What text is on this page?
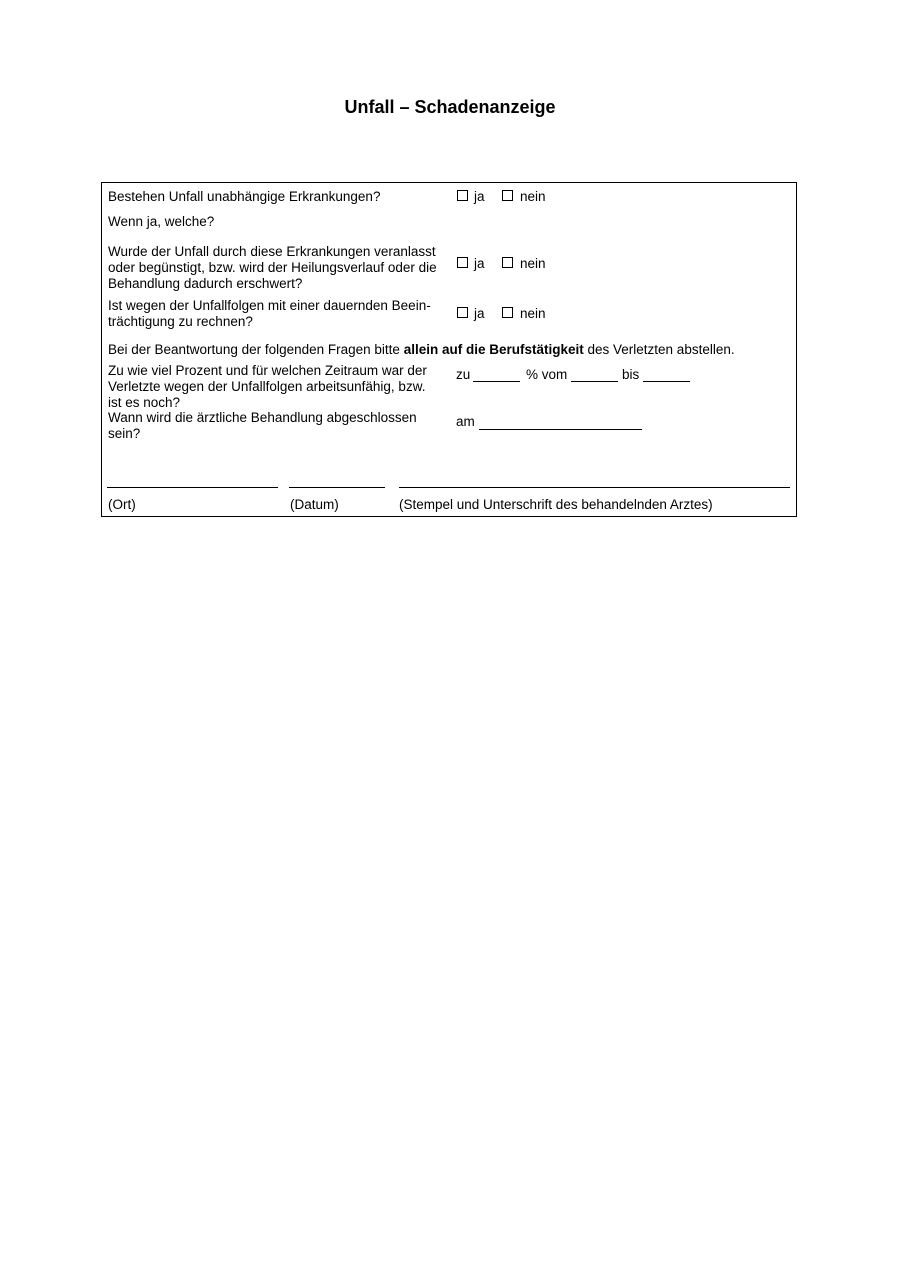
Unfall – Schadenanzeige
Bestehen Unfall unabhängige Erkrankungen?	ja	nein
Wenn ja, welche?
Wurde der Unfall durch diese Erkrankungen veranlasst
oder begünstigt, bzw. wird der Heilungsverlauf oder die
Behandlung dadurch erschwert?
ja	nein
Ist wegen der Unfallfolgen mit einer dauernden Beein-
trächtigung zu rechnen?
ja	nein
Bei der Beantwortung der folgenden Fragen bitte allein auf die Berufstätigkeit des Verletzten abstellen.
Zu wie viel Prozent und für welchen Zeitraum war der
Verletzte wegen der Unfallfolgen arbeitsunfähig, bzw.
ist es noch?
zu	% vom	bis
Wann wird die ärztliche Behandlung abgeschlossen
sein?
am
(Ort)	(Datum)	(Stempel und Unterschrift des behandelnden Arztes)
